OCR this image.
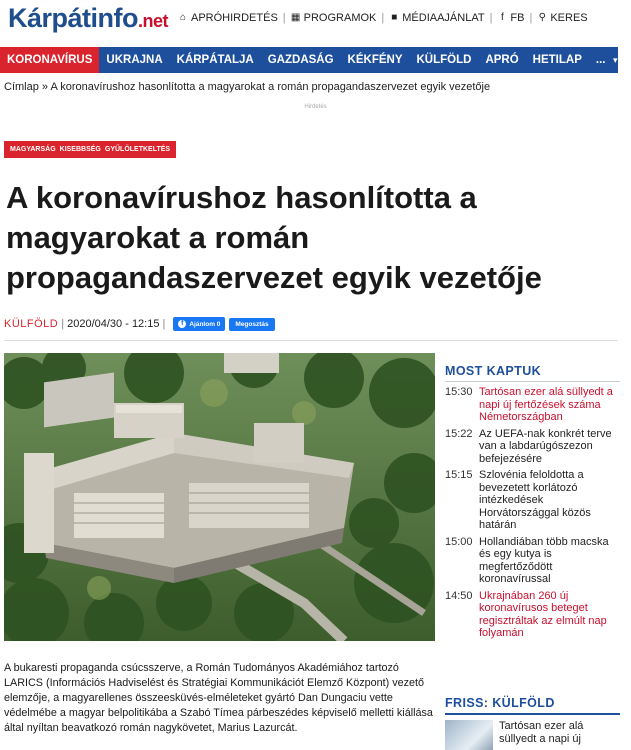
Kárpátinfo.net ⌂ APRÓHIRDETÉS | ▦ PROGRAMOK | ■ MÉDIAAJÁNLAT | f FB | ⚲ KERES
KORONAVÍRUS	UKRAJNA	KÁRPÁTALJA	GAZDASÁG	KÉKFÉNY	KÜLFÖLD	APRÓ	HETILAP	... ▾
Címlap » A koronavírushoz hasonlította a magyarokat a román propagandaszervezet egyik vezetője
Hirdetés
MAGYARSÁG KISEBBSÉG GYŰLÖLETKELTÉS
A koronavírushoz hasonlította a magyarokat a román propagandaszervezet egyik vezetője
KÜLFÖLD | 2020/04/30 - 12:15 |	f Ajánlom 0	Megosztás

A bukaresti propaganda csúcsszerve, a Román Tudományos Akadémiához tartozó LARICS (Információs Hadviselést és Stratégiai Kommunikációt Elemző Központ) vezető elemzője, a magyarellenes összeesküvés-elméleteket gyártó Dan Dungaciu vette védelmébe a magyar belpolitikába a Szabó Tímea párbeszédes képviselő melletti kiállása által nyíltan beavatkozó román nagykövetet, Marius Lazurcát.

MOST KAPTUK
15:30 Tartósan ezer alá süllyedt a napi új fertőzések száma Németországban
15:22 Az UEFA-nak konkrét terve van a labdarúgószezon befejezésére
15:15 Szlovénia feloldotta a bevezetett korlátozó intézkedések Horvátországgal közös határán
15:00 Hollandiában több macska és egy kutya is megfertőződött koronavírussal
14:50 Ukrajnában 260 új koronavírusos beteget regisztráltak az elmúlt nap folyamán
FRISS: KÜLFÖLD
Tartósan ezer alá süllyedt a napi új
